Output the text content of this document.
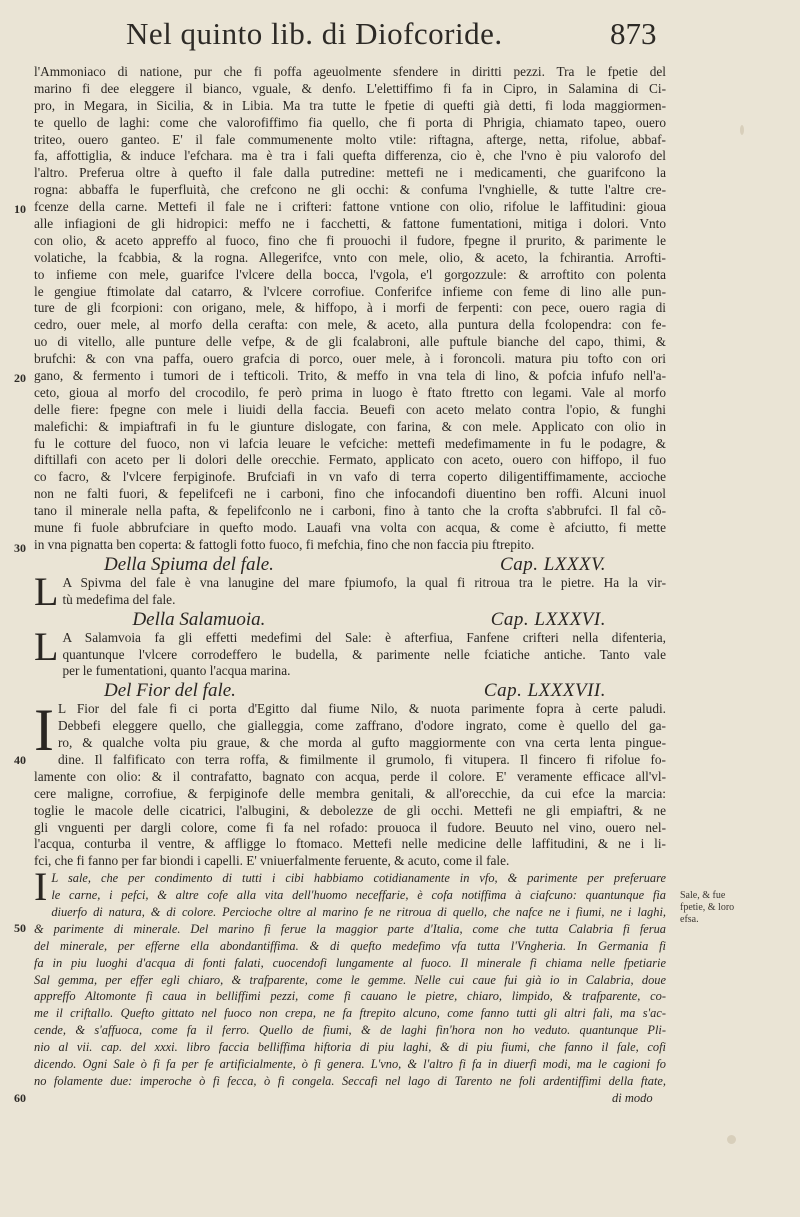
Nel quinto lib. di Diofcoride.	873
10
20
30
40
50
60
l'Ammoniaco di natione, pur che fi poffa ageuolmente sfendere in diritti pezzi. Tra le fpetie del
marino fi dee eleggere il bianco, vguale, & denfo. L'elettiffimo fi fa in Cipro, in Salamina di Ci-
pro, in Megara, in Sicilia, & in Libia. Ma tra tutte le fpetie di quefti già detti, fi loda maggiormen-
te quello de laghi: come che valorofiffimo fia quello, che fi porta di Phrigia, chiamato tapeo, ouero
triteo, ouero ganteo. E' il fale commumenente molto vtile: riftagna, afterge, netta, rifolue, abbaf-
fa, affottiglia, & induce l'efchara. ma è tra i fali quefta differenza, cio è, che l'vno è piu valorofo del
l'altro. Preferua oltre à quefto il fale dalla putredine: mettefi ne i medicamenti, che guarifcono la
rogna: abbaffa le fuperfluità, che crefcono ne gli occhi: & confuma l'vnghielle, & tutte l'altre cre-
fcenze della carne. Mettefi il fale ne i crifteri: fattone vntione con olio, rifolue le laffitudini: gioua
alle infiagioni de gli hidropici: meffo ne i facchetti, & fattone fumentationi, mitiga i dolori. Vnto
con olio, & aceto appreffo al fuoco, fino che fi prouochi il fudore, fpegne il prurito, & parimente le
volatiche, la fcabbia, & la rogna. Allegerifce, vnto con mele, olio, & aceto, la fchirantia. Arrofti-
to infieme con mele, guarifce l'vlcere della bocca, l'vgola, e'l gorgozzule: & arroftito con polenta
le gengiue ftimolate dal catarro, & l'vlcere corrofiue. Conferifce infieme con feme di lino alle pun-
ture de gli fcorpioni: con origano, mele, & hiffopo, à i morfi de ferpenti: con pece, ouero ragia di
cedro, ouer mele, al morfo della cerafta: con mele, & aceto, alla puntura della fcolopendra: con fe-
uo di vitello, alle punture delle vefpe, & de gli fcalabroni, alle puftule bianche del capo, thimi, &
brufchi: & con vna paffa, ouero grafcia di porco, ouer mele, à i foroncoli. matura piu tofto con ori
gano, & fermento i tumori de i tefticoli. Trito, & meffo in vna tela di lino, & pofcia infufo nell'a-
ceto, gioua al morfo del crocodilo, fe però prima in luogo è ftato ftretto con legami. Vale al morfo
delle fiere: fpegne con mele i liuidi della faccia. Beuefi con aceto melato contra l'opio, & funghi
malefichi: & impiaftrafi in fu le giunture dislogate, con farina, & con mele. Applicato con olio in
fu le cotture del fuoco, non vi lafcia leuare le vefciche: mettefi medefimamente in fu le podagre, &
diftillafi con aceto per li dolori delle orecchie. Fermato, applicato con aceto, ouero con hiffopo, il fuo
co facro, & l'vlcere ferpiginofe. Brufciafi in vn vafo di terra coperto diligentiffimamente, accioche
non ne falti fuori, & fepelifcefi ne i carboni, fino che infocandofi diuentino ben roffi. Alcuni inuol
tano il minerale nella pafta, & fepelifconlo ne i carboni, fino à tanto che la crofta s'abbrufci. Il fal cõ-
mune fi fuole abbrufciare in quefto modo. Lauafi vna volta con acqua, & come è afciutto, fi mette
in vna pignatta ben coperta: & fattogli fotto fuoco, fi mefchia, fino che non faccia piu ftrepito.
Della Spiuma del fale.	Cap. LXXXV.
L A Spivma del fale è vna lanugine del mare fpiumofo, la qual fi ritroua tra le pietre. Ha la vir-
tù medefima del fale.
Della Salamuoia.	Cap. LXXXVI.
L A Salamvoia fa gli effetti medefimi del Sale: è afterfiua, Fanfene crifteri nella difenteria,
quantunque l'vlcere corrodeffero le budella, & parimente nelle fciatiche antiche. Tanto vale
per le fumentationi, quanto l'acqua marina.
Del Fior del fale.	Cap. LXXXVII.
I L Fior del fale fi ci porta d'Egitto dal fiume Nilo, & nuota parimente fopra à certe paludi.
Debbefi eleggere quello, che gialleggia, come zaffrano, d'odore ingrato, come è quello del ga-
ro, & qualche volta piu graue, & che morda al gufto maggiormente con vna certa lenta pingue-
dine. Il falfificato con terra roffa, & fimilmente il grumolo, fi vitupera. Il fincero fi rifolue fo-
lamente con olio: & il contrafatto, bagnato con acqua, perde il colore. E' veramente efficace all'vl-
cere maligne, corrofiue, & ferpiginofe delle membra genitali, & all'orecchie, da cui efce la marcia:
toglie le macole delle cicatrici, l'albugini, & debolezze de gli occhi. Mettefi ne gli empiaftri, & ne
gli vnguenti per dargli colore, come fi fa nel rofado: prouoca il fudore. Beuuto nel vino, ouero nel-
l'acqua, conturba il ventre, & affligge lo ftomaco. Mettefi nelle medicine delle laffitudini, & ne i li-
fci, che fi fanno per far biondi i capelli. E' vniuerfalmente feruente, & acuto, come il fale.
I L sale, che per condimento di tutti i cibi habbiamo cotidianamente in vfo, & parimente per preferuare
le carne, i pefci, & altre cofe alla vita dell'huomo neceffarie, è cofa notiffima à ciafcuno: quantunque fia
diuerfo di natura, & di colore. Percioche oltre al marino fe ne ritroua di quello, che nafce ne i fiumi, ne i laghi,
& parimente di minerale. Del marino fi ferue la maggior parte d'Italia, come che tutta Calabria fi ferua
del minerale, per efferne ella abondantiffima. & di quefto medefimo vfa tutta l'Vngheria. In Germania fi
fa in piu luoghi d'acqua di fonti falati, cuocendofi lungamente al fuoco. Il minerale fi chiama nelle fpetiarie
Sal gemma, per effer egli chiaro, & trafparente, come le gemme. Nelle cui caue fui già io in Calabria, doue
appreffo Altomonte fi caua in belliffimi pezzi, come fi cauano le pietre, chiaro, limpido, & trafparente, co-
me il criftallo. Quefto gittato nel fuoco non crepa, ne fa ftrepito alcuno, come fanno tutti gli altri fali, ma s'ac-
cende, & s'affuoca, come fa il ferro. Quello de fiumi, & de laghi fin'hora non ho veduto. quantunque Pli-
nio al vii. cap. del xxxi. libro faccia belliffima hiftoria di piu laghi, & di piu fiumi, che fanno il fale, cofi
dicendo. Ogni Sale ò fi fa per fe artificialmente, ò fi genera. L'vno, & l'altro fi fa in diuerfi modi, ma le cagioni fo
no folamente due: imperoche ò fi fecca, ò fi congela. Seccafi nel lago di Tarento ne foli ardentiffimi della ftate,
Sale, & fue fpetie, & loro efsa.
di modo
